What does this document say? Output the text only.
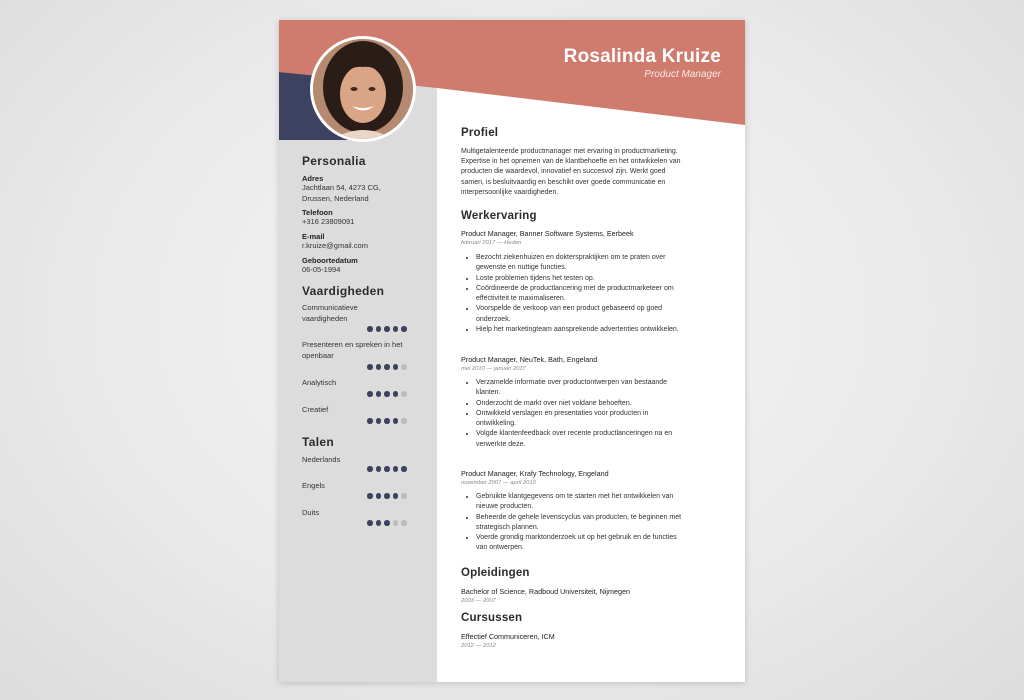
Rosalinda Kruize
Product Manager
Personalia
Adres
Jachtlaan 54, 4273 CG,
Drussen, Nederland
Telefoon
+316 23809091
E-mail
r.kruize@gmail.com
Geboortedatum
06-05-1994
Vaardigheden
Communicatieve
vaardigheden
Presenteren en spreken in het
openbaar
Analytisch
Creatief
Talen
Nederlands
Engels
Duits
Profiel

Multigetalenteerde productmanager met ervaring in productmarketing.

Expertise in het opnemen van de klantbehoefte en het ontwikkelen van

producten die waardevol, innovatief en succesvol zijn. Werkt goed

samen, is besluitvaardig en beschikt over goede communicatie en

interpersoonlijke vaardigheden.

Werkervaring
Product Manager, Banner Software Systems, Eerbeek
februari 2017 — Heden
• Bezocht ziekenhuizen en dokterspraktijken om te praten over
gewenste en nuttige functies.
• Loste problemen tijdens het testen op.
• Coördineerde de productlancering met de productmarketeer om
effectiviteit te maximaliseren.
• Voorspelde de verkoop van een product gebaseerd op goed
onderzoek.
• Hielp het marketingteam aansprekende advertenties ontwikkelen.
Product Manager, NeuTek, Bath, Engeland
mei 2010 — januari 2017
• Verzamelde informatie over productontwerpen van bestaande
klanten.
• Onderzocht de markt over niet voldane behoeften.
• Ontwikkeld verslagen en presentaties voor producten in
ontwikkeling.
• Volgde klantenfeedback over recente productlanceringen na en
verwerkte deze.
Product Manager, Krafy Technology, Engeland
november 2007 — april 2010
• Gebruikte klantgegevens om te starten met het ontwikkelen van
nieuwe producten.
• Beheerde de gehele levenscyclus van producten, te beginnen met
strategisch plannen.
• Voerde grondig marktonderzoek uit op het gebruik en de functies
van ontwerpen.
Opleidingen
Bachelor of Science, Radboud Universiteit, Nijmegen
2003 — 2007
Cursussen
Effectief Communiceren, ICM
2012 — 2012
